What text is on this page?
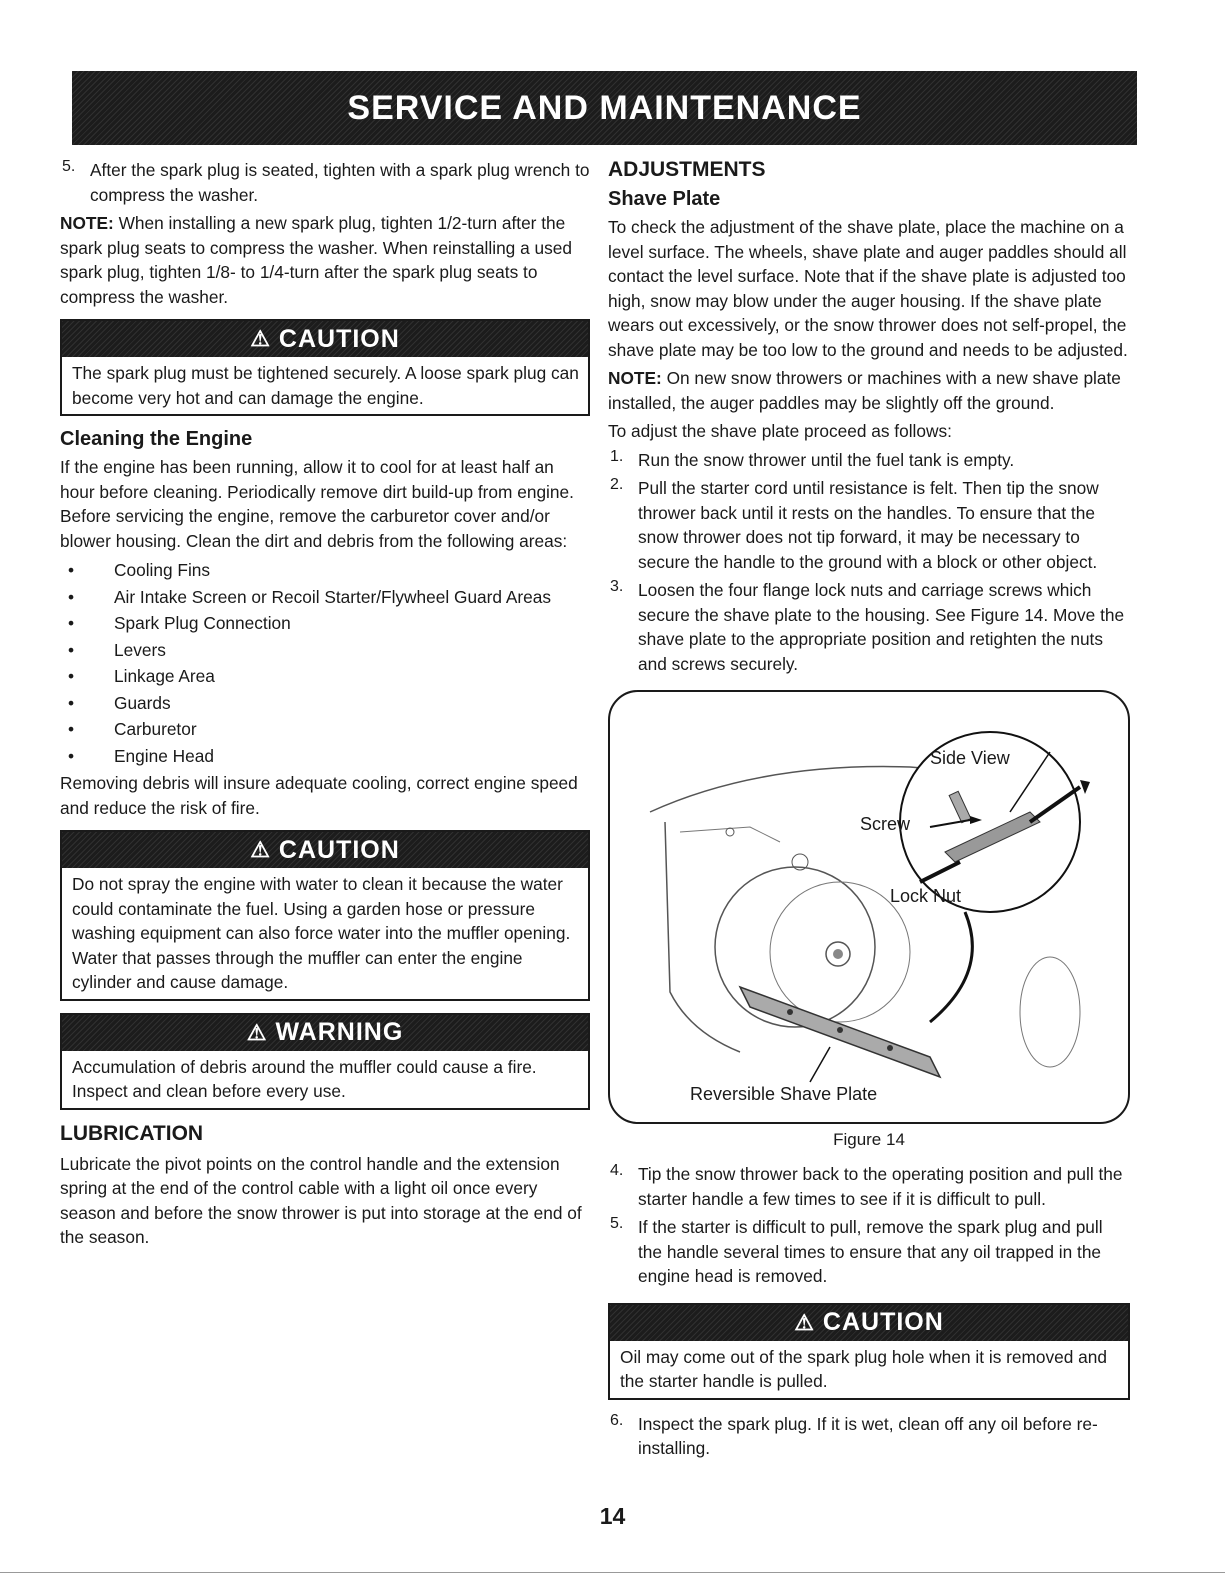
SERVICE AND MAINTENANCE
5. After the spark plug is seated, tighten with a spark plug wrench to compress the washer.

NOTE: When installing a new spark plug, tighten 1/2-turn after the spark plug seats to compress the washer. When reinstalling a used spark plug, tighten 1/8- to 1/4-turn after the spark plug seats to compress the washer.

⚠ CAUTION
The spark plug must be tightened securely. A loose spark plug can become very hot and can damage the engine.
Cleaning the Engine

If the engine has been running, allow it to cool for at least half an hour before cleaning. Periodically remove dirt build-up from engine. Before servicing the engine, remove the carburetor cover and/or blower housing. Clean the dirt and debris from the following areas:

•	Cooling Fins
•	Air Intake Screen or Recoil Starter/Flywheel Guard Areas
•	Spark Plug Connection
•	Levers
•	Linkage Area
•	Guards
•	Carburetor
•	Engine Head

Removing debris will insure adequate cooling, correct engine speed and reduce the risk of fire.

⚠ CAUTION
Do not spray the engine with water to clean it because the water could contaminate the fuel. Using a garden hose or pressure washing equipment can also force water into the muffler opening. Water that passes through the muffler can enter the engine cylinder and cause damage.
⚠ WARNING
Accumulation of debris around the muffler could cause a fire. Inspect and clean before every use.
LUBRICATION

Lubricate the pivot points on the control handle and the extension spring at the end of the control cable with a light oil once every season and before the snow thrower is put into storage at the end of the season.

ADJUSTMENTS
Shave Plate

To check the adjustment of the shave plate, place the machine on a level surface. The wheels, shave plate and auger paddles should all contact the level surface. Note that if the shave plate is adjusted too high, snow may blow under the auger housing. If the shave plate wears out excessively, or the snow thrower does not self-propel, the shave plate may be too low to the ground and needs to be adjusted.

NOTE: On new snow throwers or machines with a new shave plate installed, the auger paddles may be slightly off the ground.

To adjust the shave plate proceed as follows:

1. Run the snow thrower until the fuel tank is empty.

2. Pull the starter cord until resistance is felt. Then tip the snow thrower back until it rests on the handles. To ensure that the snow thrower does not tip forward, it may be necessary to secure the handle to the ground with a block or other object.

3. Loosen the four flange lock nuts and carriage screws which secure the shave plate to the housing. See Figure 14. Move the shave plate to the appropriate position and retighten the nuts and screws securely.

Side View
Screw
Lock Nut
Reversible Shave Plate
Figure 14
4. Tip the snow thrower back to the operating position and pull the starter handle a few times to see if it is difficult to pull.

5. If the starter is difficult to pull, remove the spark plug and pull the handle several times to ensure that any oil trapped in the engine head is removed.

⚠ CAUTION
Oil may come out of the spark plug hole when it is removed and the starter handle is pulled.
6. Inspect the spark plug. If it is wet, clean off any oil before re-installing.

14
